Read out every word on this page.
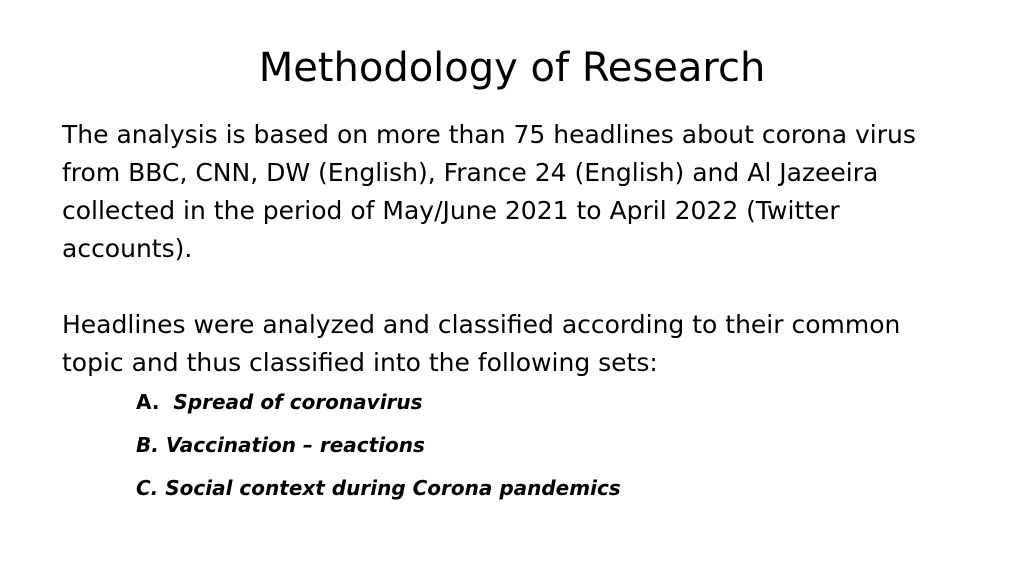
Methodology of Research

The analysis is based on more than 75 headlines about corona virus from BBC, CNN, DW (English), France 24 (English) and Al Jazeeira collected in the period of May/June 2021 to April 2022 (Twitter accounts).

Headlines were analyzed and classified according to their common topic and thus classified into the following sets:

A. Spread of coronavirus
B. Vaccination – reactions
C. Social context during Corona pandemics
